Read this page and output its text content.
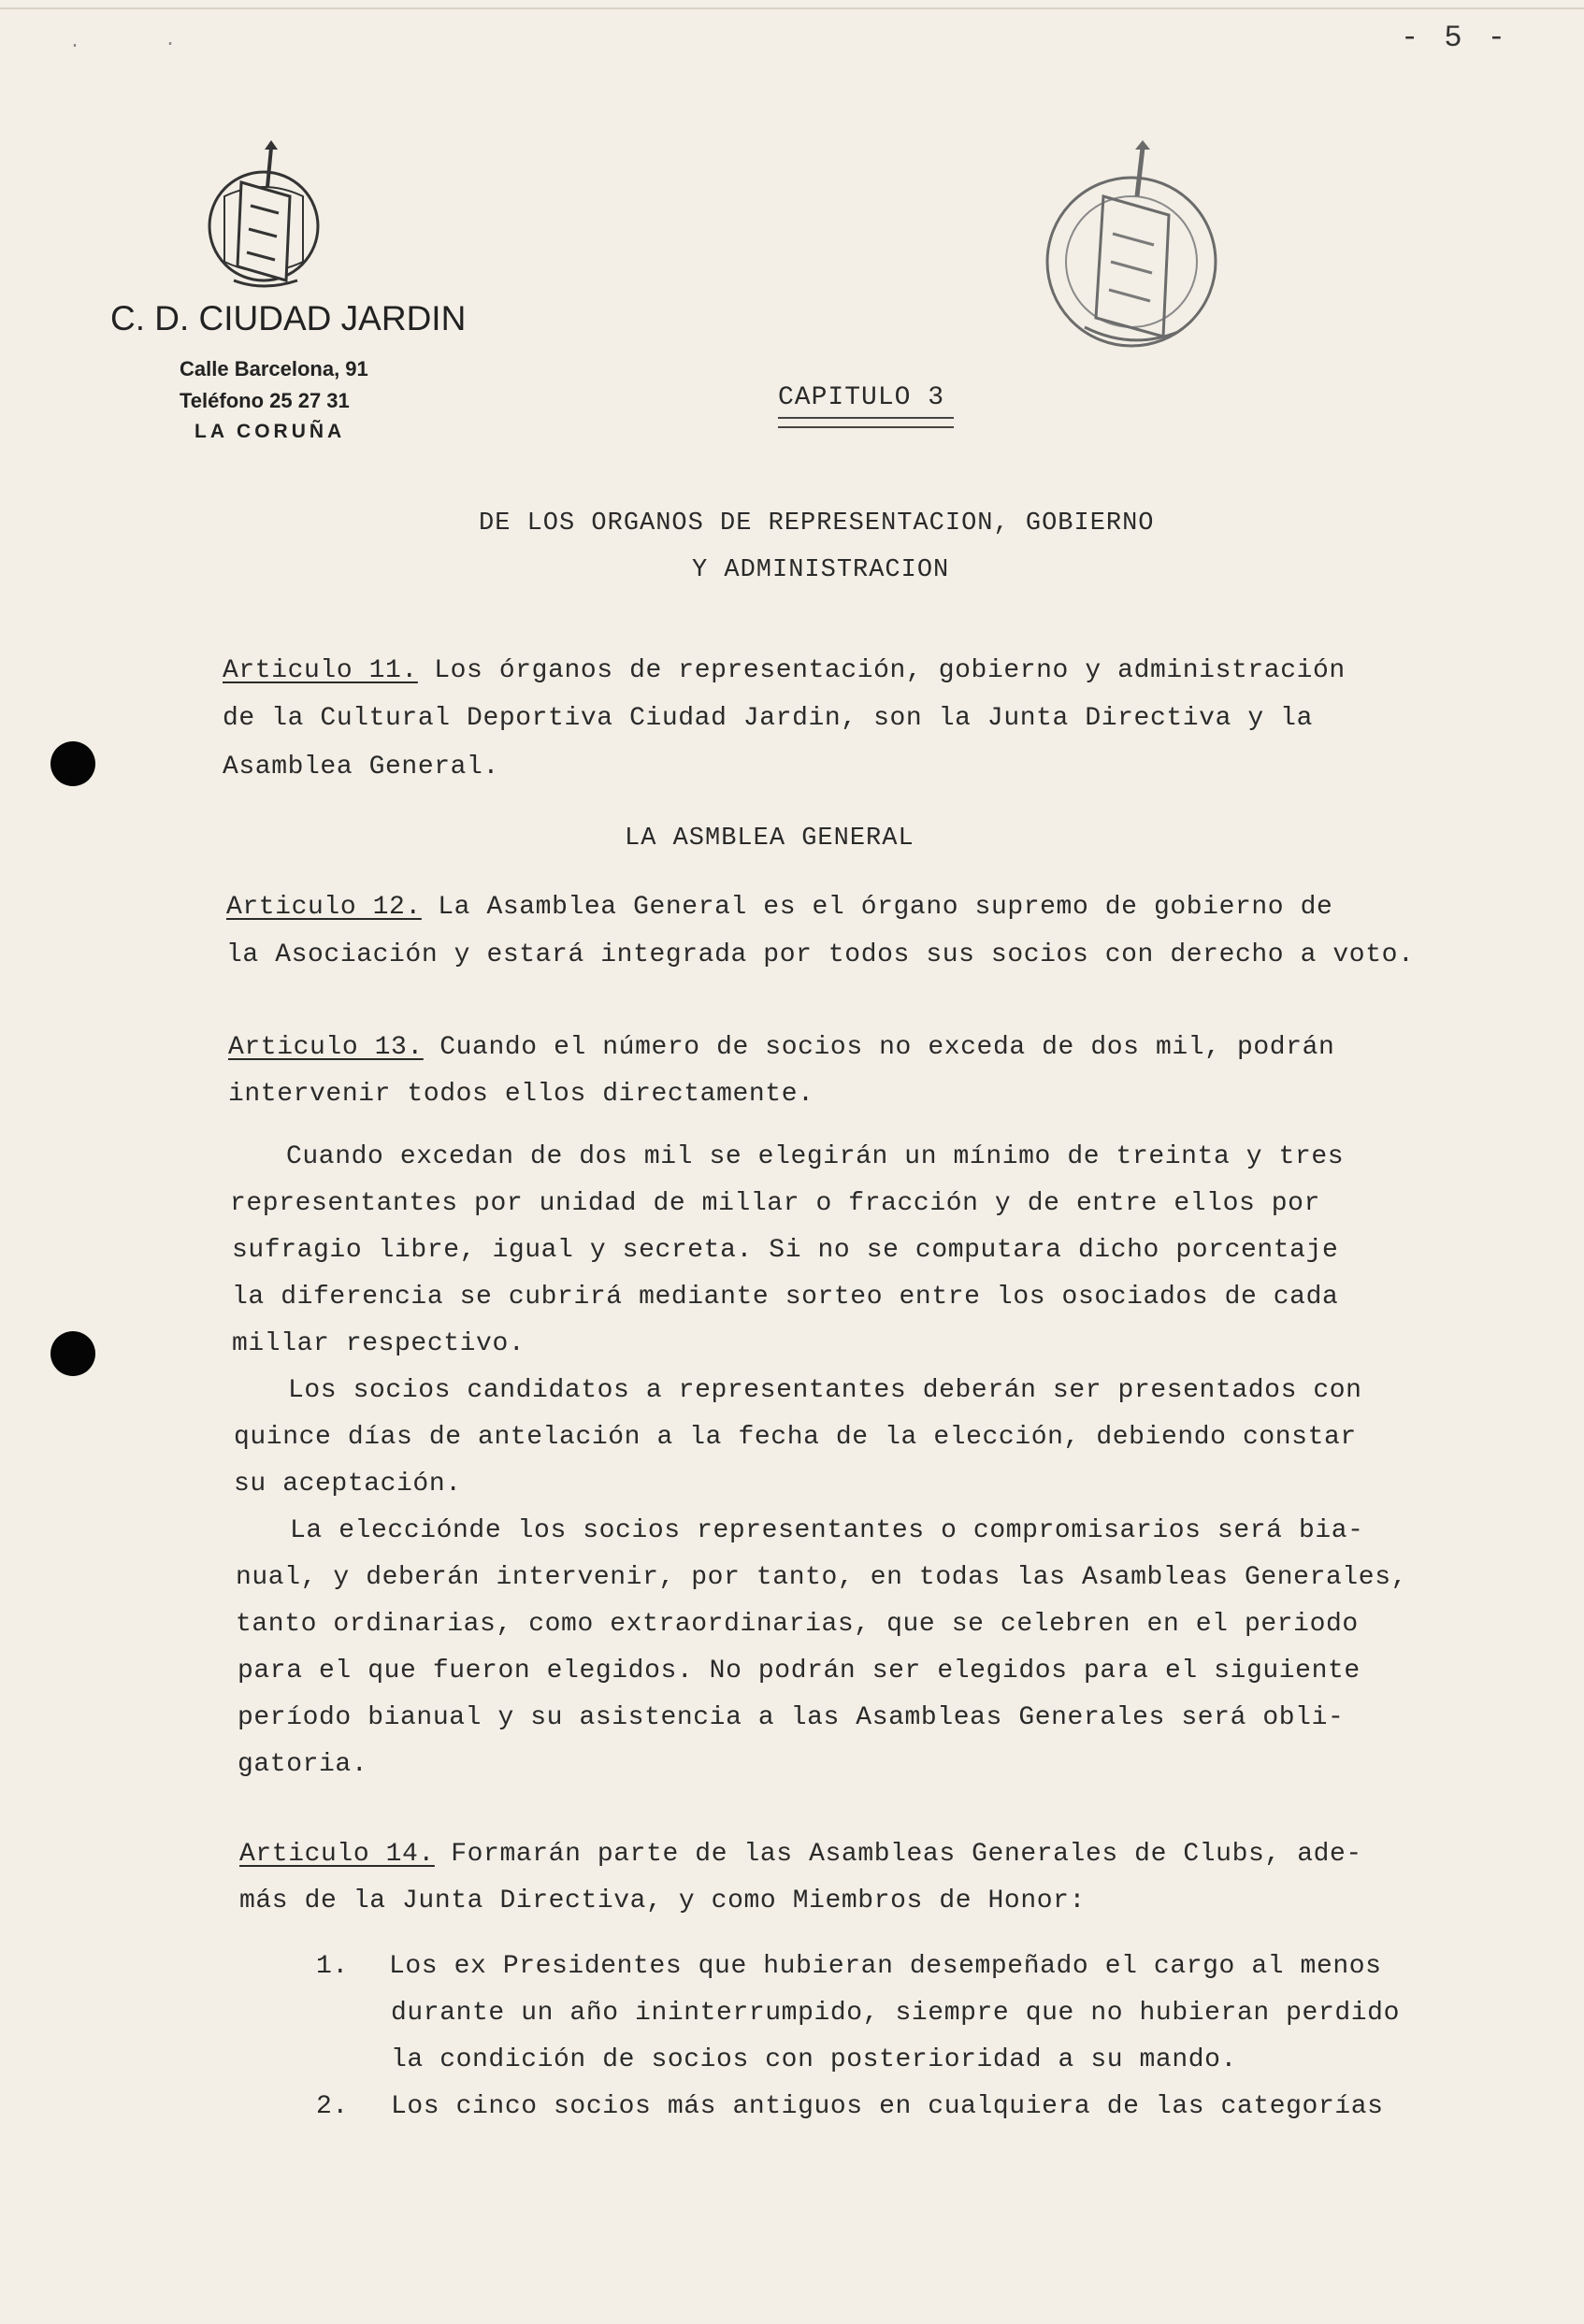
- 5 -
·
·
C. D. CIUDAD JARDIN
Calle Barcelona, 91
Teléfono 25 27 31
LA CORUÑA
CAPITULO 3
DE LOS ORGANOS DE REPRESENTACION, GOBIERNO
Y ADMINISTRACION
Articulo 11. Los órganos de representación, gobierno y administración
de la Cultural Deportiva Ciudad Jardin, son la Junta Directiva y la
Asamblea General.
LA ASMBLEA GENERAL
Articulo 12. La Asamblea General es el órgano supremo de gobierno de
la Asociación y estará integrada por todos sus socios con derecho a voto.
Articulo 13. Cuando el número de socios no exceda de dos mil, podrán
intervenir todos ellos directamente.
Cuando excedan de dos mil se elegirán un mínimo de treinta y tres
representantes por unidad de millar o fracción y de entre ellos por
sufragio libre, igual y secreta. Si no se computara dicho porcentaje
la diferencia se cubrirá mediante sorteo entre los osociados de cada
millar respectivo.
Los socios candidatos a representantes deberán ser presentados con
quince días de antelación a la fecha de la elección, debiendo constar
su aceptación.
La eleccióndе los socios representantes o compromisarios será bia-
nual, y deberán intervenir, por tanto, en todas las Asambleas Generales,
tanto ordinarias, como extraordinarias, que se celebren en el periodo
para el que fueron elegidos. No podrán ser elegidos para el siguiente
período bianual y su asistencia a las Asambleas Generales será obli-
gatoria.
Articulo 14. Formarán parte de las Asambleas Generales de Clubs, ade-
más de la Junta Directiva, y como Miembros de Honor:
1. Los ex Presidentes que hubieran desempeñado el cargo al menos
durante un año ininterrumpido, siempre que no hubieran perdido
la condición de socios con posterioridad a su mando.
2. Los cinco socios más antiguos en cualquiera de las categorías
